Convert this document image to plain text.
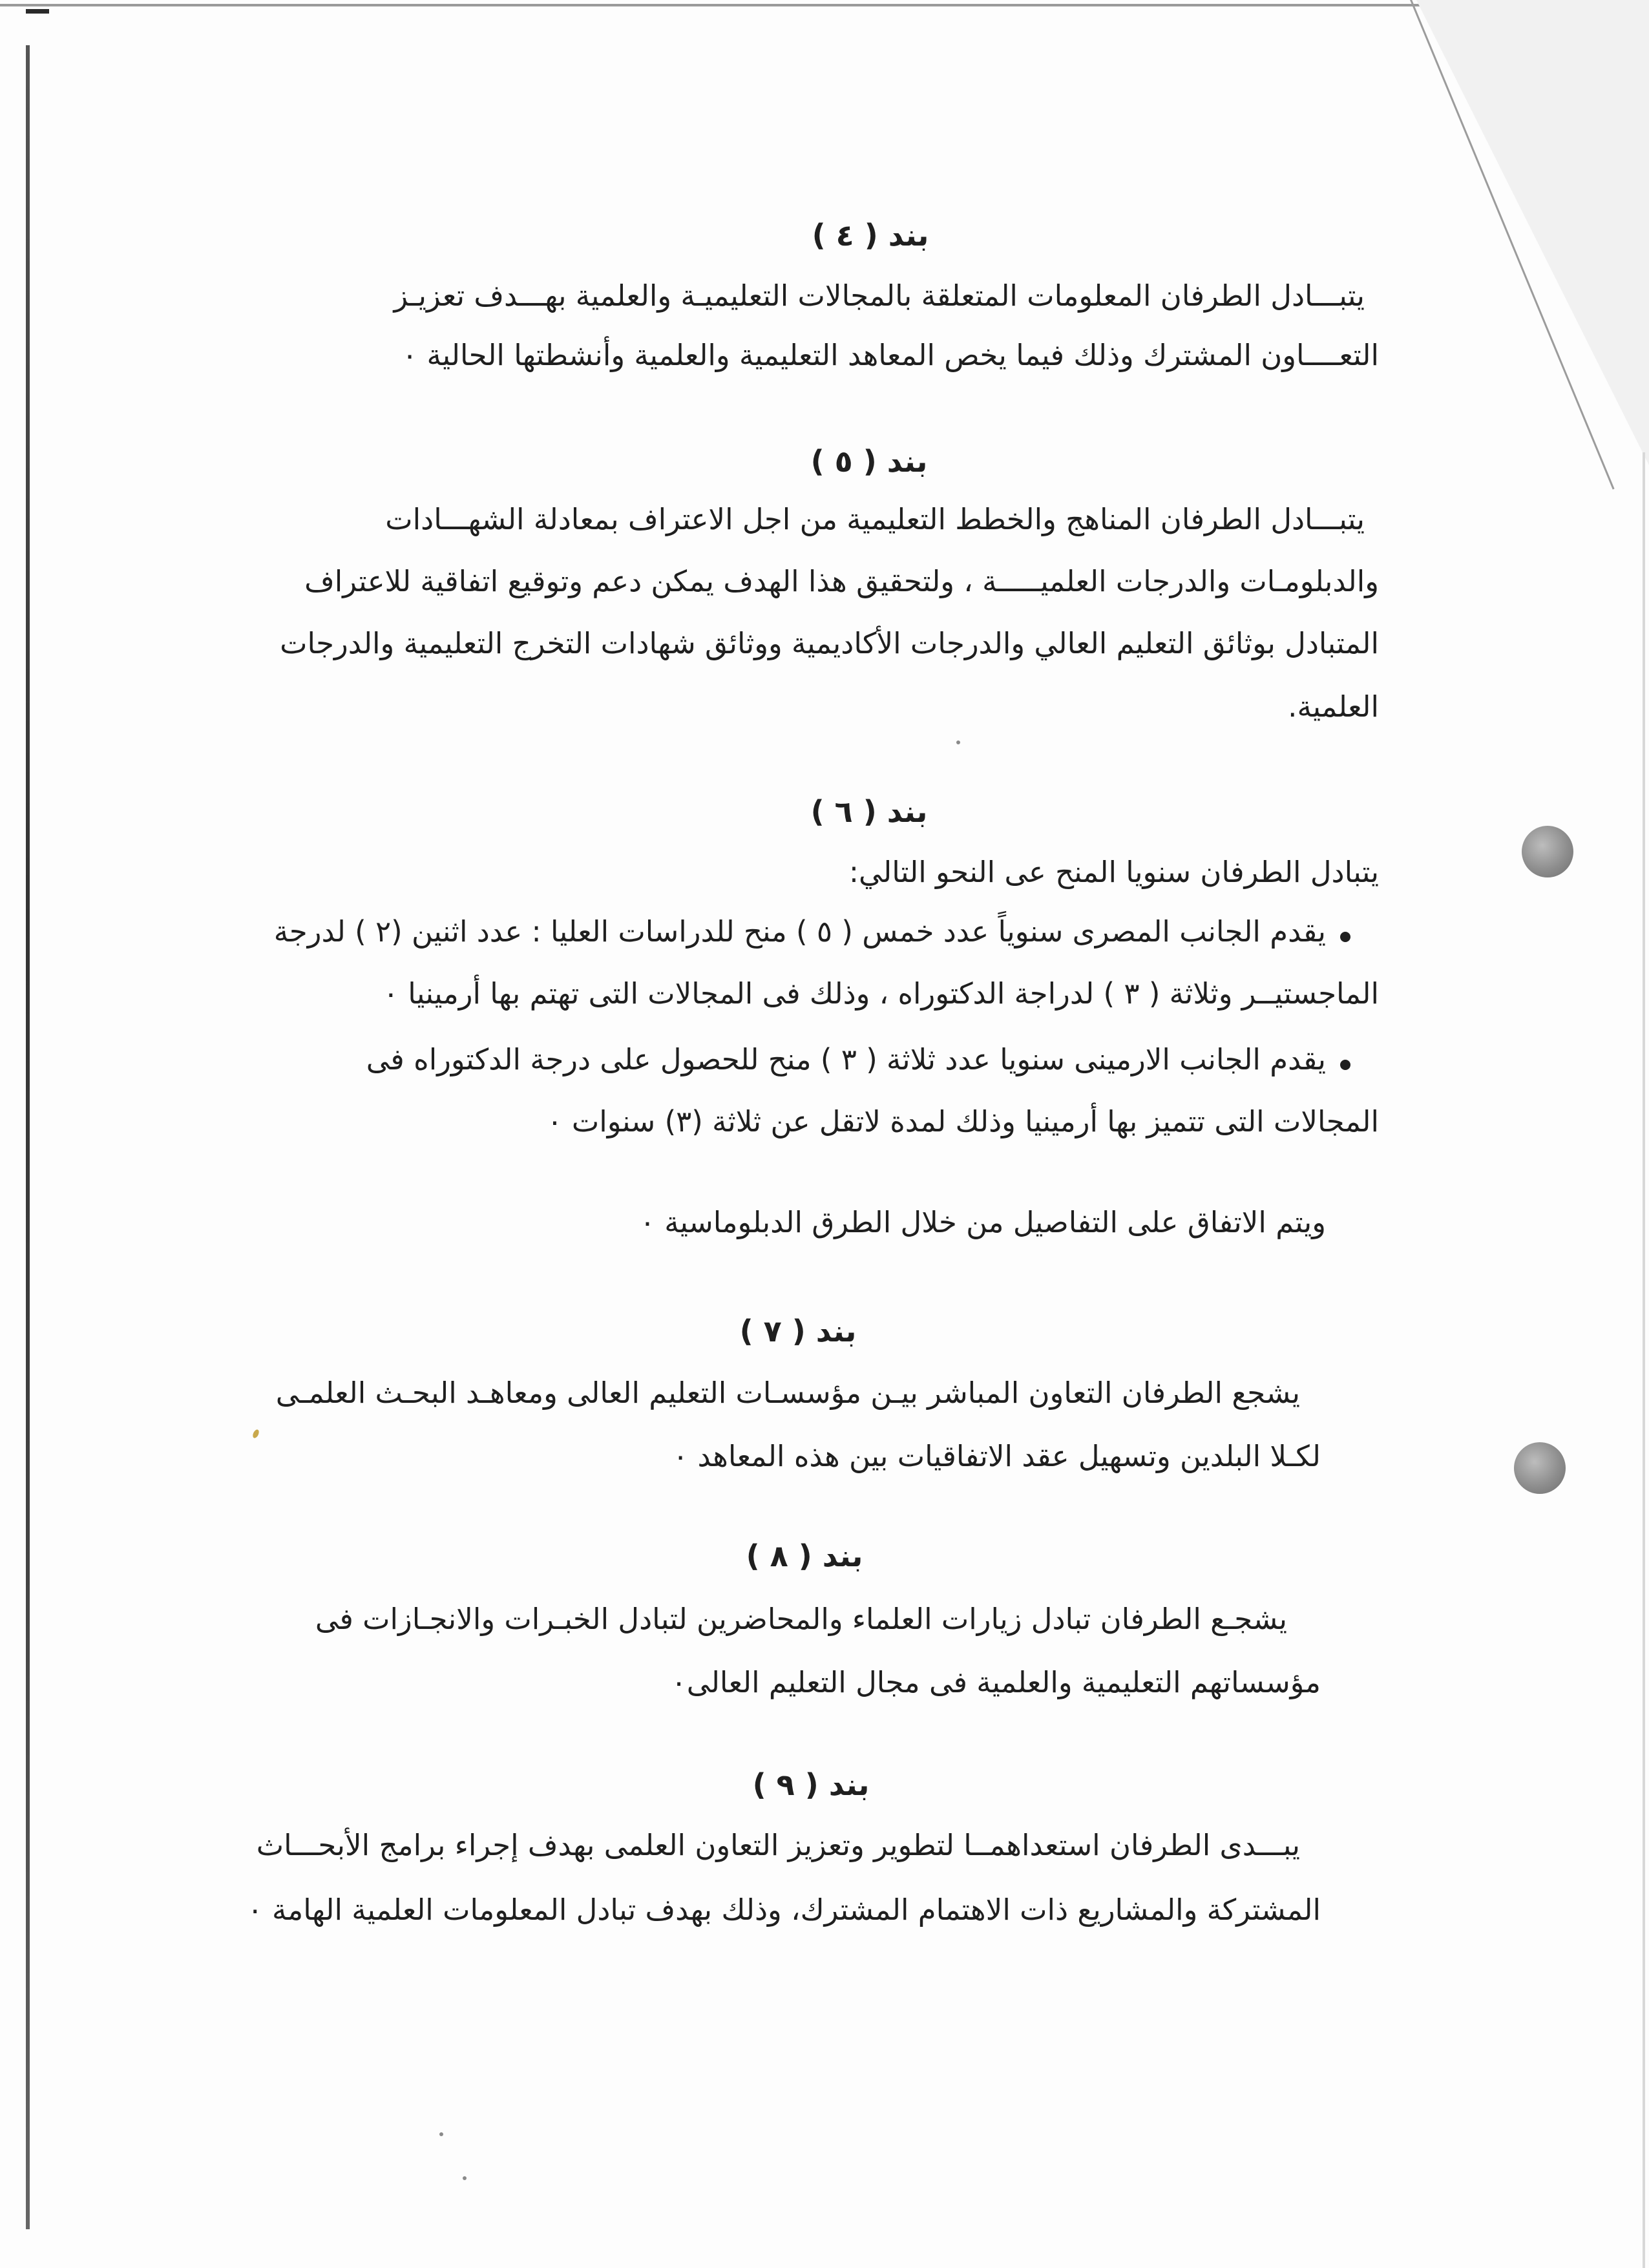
بند ( ٤ )
يتبـــادل الطرفان المعلومات المتعلقة بالمجالات التعليميـة والعلمية بهـــدف تعزيـز
التعــــاون المشترك وذلك فيما يخص المعاهد التعليمية والعلمية وأنشطتها الحالية ٠
بند ( ٥ )
يتبـــادل الطرفان المناهج والخطط التعليمية من اجل الاعتراف بمعادلة الشهـــادات
والدبلومـات والدرجات العلميـــــة ، ولتحقيق هذا الهدف يمكن دعم وتوقيع اتفاقية للاعتراف
المتبادل بوثائق التعليم العالي والدرجات الأكاديمية ووثائق شهادات التخرج التعليمية والدرجات
العلمية.
بند ( ٦ )
يتبادل الطرفان سنويا المنح عى النحو التالي:
يقدم الجانب المصرى سنوياً عدد خمس ( ٥ ) منح للدراسات العليا : عدد اثنين (٢ ) لدرجة
الماجستيــر وثلاثة ( ٣ ) لدراجة الدكتوراه ، وذلك فى المجالات التى تهتم بها أرمينيا ٠
يقدم الجانب الارمينى سنويا عدد ثلاثة ( ٣ ) منح للحصول على درجة الدكتوراه فى
المجالات التى تتميز بها أرمينيا وذلك لمدة لاتقل عن ثلاثة (٣) سنوات ٠
ويتم الاتفاق على التفاصيل من خلال الطرق الدبلوماسية ٠
بند ( ٧ )
يشجع الطرفان التعاون المباشر بيـن مؤسسـات التعليم العالى ومعاهـد البحـث العلمـى
لكـلا البلدين وتسهيل عقد الاتفاقيات بين هذه المعاهد ٠
بند ( ٨ )
يشجـع الطرفان تبادل زيارات العلماء والمحاضرين لتبادل الخبـرات والانجـازات فى
مؤسساتهم التعليمية والعلمية فى مجال التعليم العالى٠
بند ( ٩ )
يبـــدى الطرفان استعداهمــا لتطوير وتعزيز التعاون العلمى بهدف إجراء برامج الأبحـــاث
المشتركة والمشاريع ذات الاهتمام المشترك، وذلك بهدف تبادل المعلومات العلمية الهامة ٠
